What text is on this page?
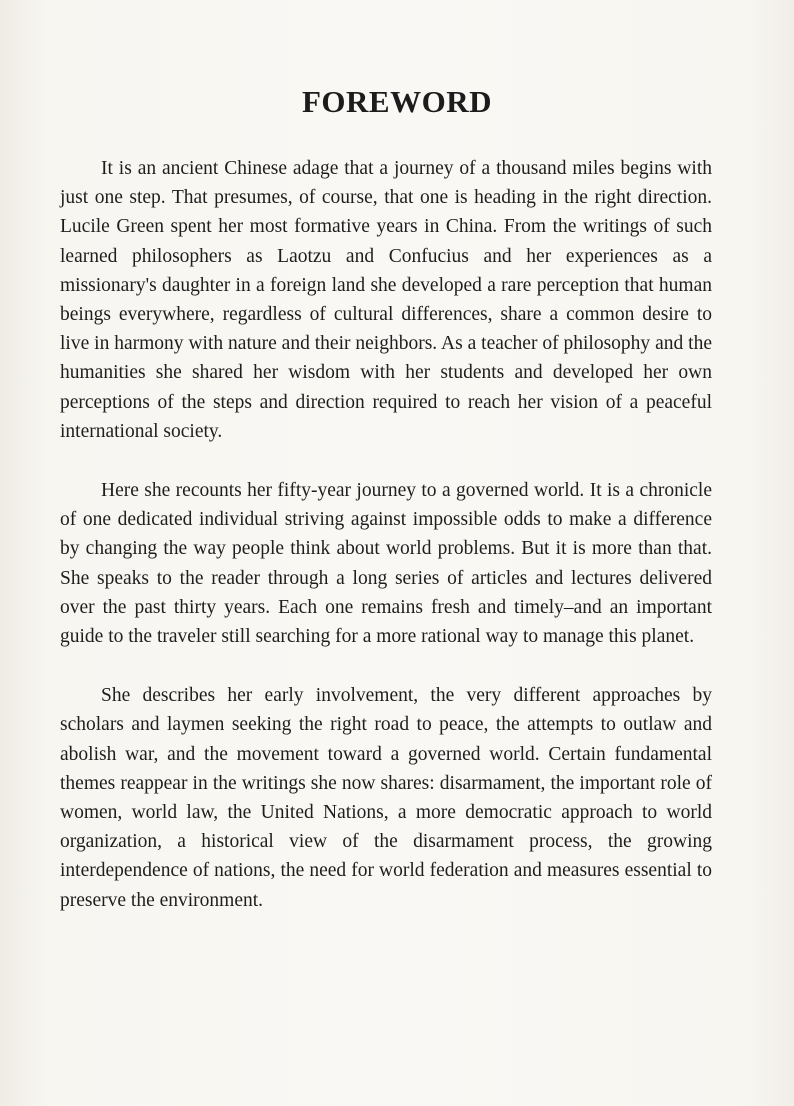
FOREWORD

It is an ancient Chinese adage that a journey of a thousand miles begins with just one step. That presumes, of course, that one is heading in the right direction. Lucile Green spent her most formative years in China. From the writings of such learned philosophers as Laotzu and Confucius and her experiences as a missionary's daughter in a foreign land she developed a rare perception that human beings everywhere, regardless of cultural differences, share a common desire to live in harmony with nature and their neighbors. As a teacher of philosophy and the humanities she shared her wisdom with her students and developed her own perceptions of the steps and direction required to reach her vision of a peaceful international society.

Here she recounts her fifty-year journey to a governed world. It is a chronicle of one dedicated individual striving against impossible odds to make a difference by changing the way people think about world problems. But it is more than that. She speaks to the reader through a long series of articles and lectures delivered over the past thirty years. Each one remains fresh and timely–and an important guide to the traveler still searching for a more rational way to manage this planet.

She describes her early involvement, the very different approaches by scholars and laymen seeking the right road to peace, the attempts to outlaw and abolish war, and the movement toward a governed world. Certain fundamental themes reappear in the writings she now shares: disarmament, the important role of women, world law, the United Nations, a more democratic approach to world organization, a historical view of the disarmament process, the growing interdependence of nations, the need for world federation and measures essential to preserve the environment.
